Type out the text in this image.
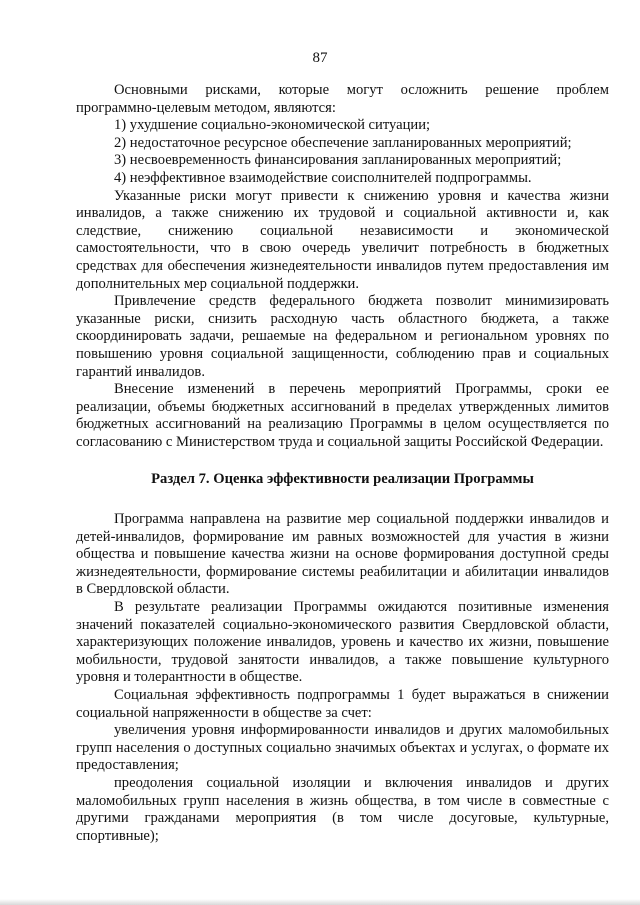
87

Основными рисками, которые могут осложнить решение проблем программно-целевым методом, являются:

1) ухудшение социально-экономической ситуации;

2) недостаточное ресурсное обеспечение запланированных мероприятий;

3) несвоевременность финансирования запланированных мероприятий;

4) неэффективное взаимодействие соисполнителей подпрограммы.

Указанные риски могут привести к снижению уровня и качества жизни инвалидов, а также снижению их трудовой и социальной активности и, как следствие, снижению социальной независимости и экономической самостоятельности, что в свою очередь увеличит потребность в бюджетных средствах для обеспечения жизнедеятельности инвалидов путем предоставления им дополнительных мер социальной поддержки.

Привлечение средств федерального бюджета позволит минимизировать указанные риски, снизить расходную часть областного бюджета, а также скоординировать задачи, решаемые на федеральном и региональном уровнях по повышению уровня социальной защищенности, соблюдению прав и социальных гарантий инвалидов.

Внесение изменений в перечень мероприятий Программы, сроки ее реализации, объемы бюджетных ассигнований в пределах утвержденных лимитов бюджетных ассигнований на реализацию Программы в целом осуществляется по согласованию с Министерством труда и социальной защиты Российской Федерации.

Раздел 7. Оценка эффективности реализации Программы

Программа направлена на развитие мер социальной поддержки инвалидов и детей-инвалидов, формирование им равных возможностей для участия в жизни общества и повышение качества жизни на основе формирования доступной среды жизнедеятельности, формирование системы реабилитации и абилитации инвалидов в Свердловской области.

В результате реализации Программы ожидаются позитивные изменения значений показателей социально-экономического развития Свердловской области, характеризующих положение инвалидов, уровень и качество их жизни, повышение мобильности, трудовой занятости инвалидов, а также повышение культурного уровня и толерантности в обществе.

Социальная эффективность подпрограммы 1 будет выражаться в снижении социальной напряженности в обществе за счет:

увеличения уровня информированности инвалидов и других маломобильных групп населения о доступных социально значимых объектах и услугах, о формате их предоставления;

преодоления социальной изоляции и включения инвалидов и других маломобильных групп населения в жизнь общества, в том числе в совместные с другими гражданами мероприятия (в том числе досуговые, культурные, спортивные);
